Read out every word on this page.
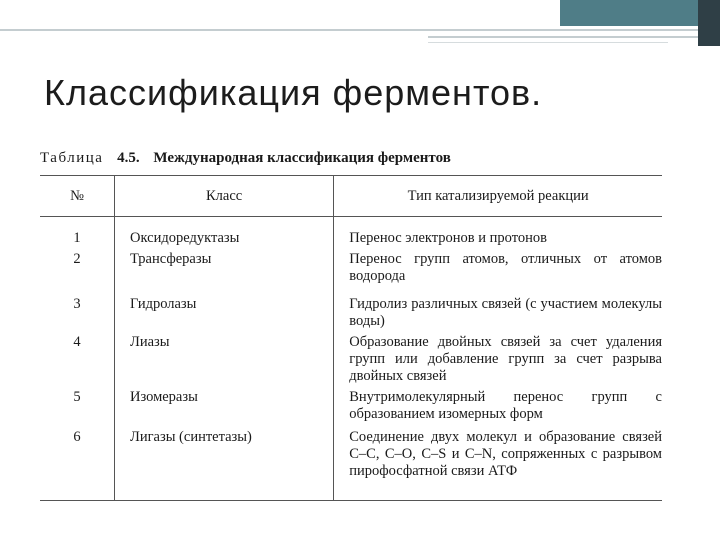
Классификация ферментов.
Таблица 4.5. Международная классификация ферментов
№	Класс	Тип катализируемой реакции

1	Оксидоредуктазы	Перенос электронов и протонов

2	Трансферазы	Перенос групп атомов, отличных от атомов водорода

3	Гидролазы	Гидролиз различных связей (с участием молекулы воды)

4	Лиазы	Образование двойных связей за счет удаления групп или добавление групп за счет разрыва двойных связей

5	Изомеразы	Внутримолекулярный перенос групп с образованием изомерных форм

6	Лигазы (синтетазы)	Соединение двух молекул и образование связей C–C, C–O, C–S и C–N, сопряженных с разрывом пирофосфатной связи АТФ
